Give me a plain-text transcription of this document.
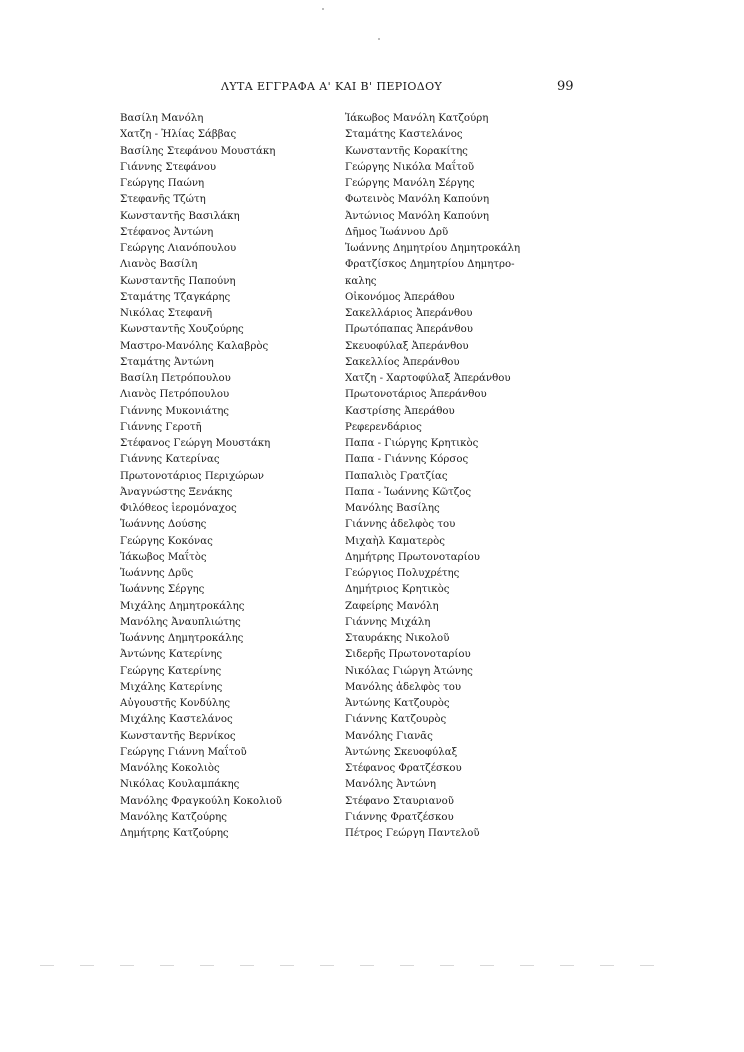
ΛΥΤΑ ΕΓΓΡΑΦΑ Α' ΚΑΙ Β' ΠΕΡΙΟΔΟΥ	99
Βασίλη Μανόλη
Χατζη - Ἠλίας Σάββας
Βασίλης Στεφάνου Μουστάκη
Γιάννης Στεφάνου
Γεώργης Παώνη
Στεφανῆς Τζώτη
Κωνσταντῆς Βασιλάκη
Στέφανος Ἀντώνη
Γεώργης Λιανόπουλου
Λιανὸς Βασίλη
Κωνσταντῆς Παπούνη
Σταμάτης Τζαγκάρης
Νικόλας Στεφανῆ
Κωνσταντῆς Χουζούρης
Μαστρο-Μανόλης Καλαβρὸς
Σταμάτης Ἀντώνη
Βασίλη Πετρόπουλου
Λιανὸς Πετρόπουλου
Γιάννης Μυκονιάτης
Γιάννης Γεροτῆ
Στέφανος Γεώργη Μουστάκη
Γιάννης Κατερίνας
Πρωτονοτάριος Περιχώρων
Ἀναγνώστης Ξενάκης
Φιλόθεος ἱερομόναχος
Ἰωάννης Δούσης
Γεώργης Κοκόνας
Ἰάκωβος Μαΐτὸς
Ἰωάννης Δρῦς
Ἰωάννης Σέργης
Μιχάλης Δημητροκάλης
Μανόλης Ἀναυπλιώτης
Ἰωάννης Δημητροκάλης
Ἀντώνης Κατερίνης
Γεώργης Κατερίνης
Μιχάλης Κατερίνης
Αὐγουστῆς Κονδύλης
Μιχάλης Καστελάνος
Κωνσταντῆς Βερνίκος
Γεώργης Γιάννη Μαΐτοῦ
Μανόλης Κοκολιὸς
Νικόλας Κουλαμπάκης
Μανόλης Φραγκούλη Κοκολιοῦ
Μανόλης Κατζούρης
Δημήτρης Κατζούρης
Ἰάκωβος Μανόλη Κατζούρη
Σταμάτης Καστελάνος
Κωνσταντῆς Κορακίτης
Γεώργης Νικόλα Μαΐτοῦ
Γεώργης Μανόλη Σέργης
Φωτεινὸς Μανόλη Καπούνη
Ἀντώνιος Μανόλη Καπούνη
Δῆμος Ἰωάννου Δρῦ
Ἰωάννης Δημητρίου Δημητροκάλη
Φρατζίσκος Δημητρίου Δημητρο-
καλης
Οἰκονόμος Ἀπεράθου
Σακελλάριος Ἀπεράνθου
Πρωτόπαπας Ἀπεράνθου
Σκευοφύλαξ Ἀπεράνθου
Σακελλίος Ἀπεράνθου
Χατζη - Χαρτοφύλαξ Ἀπεράνθου
Πρωτονοτάριος Ἀπεράνθου
Καστρίσης Ἀπεράθου
Ρεφερενδάριος
Παπα - Γιώργης Κρητικὸς
Παπα - Γιάννης Κόρσος
Παπαλιὸς Γρατζίας
Παπα - Ἰωάννης Κῶτζος
Μανόλης Βασίλης
Γιάννης ἀδελφὸς του
Μιχαὴλ Καματερὸς
Δημήτρης Πρωτονοταρίου
Γεώργιος Πολυχρέτης
Δημήτριος Κρητικὸς
Ζαφείρης Μανόλη
Γιάννης Μιχάλη
Σταυράκης Νικολοῦ
Σιδερῆς Πρωτονοταρίου
Νικόλας Γιώργη Ἀτώνης
Μανόλης ἀδελφὸς του
Ἀντώνης Κατζουρὸς
Γιάννης Κατζουρὸς
Μανόλης Γιανᾶς
Ἀντώνης Σκευοφύλαξ
Στέφανος Φρατζέσκου
Μανόλης Ἀντώνη
Στέφανο Σταυριανοῦ
Γιάννης Φρατζέσκου
Πέτρος Γεώργη Παντελοῦ
